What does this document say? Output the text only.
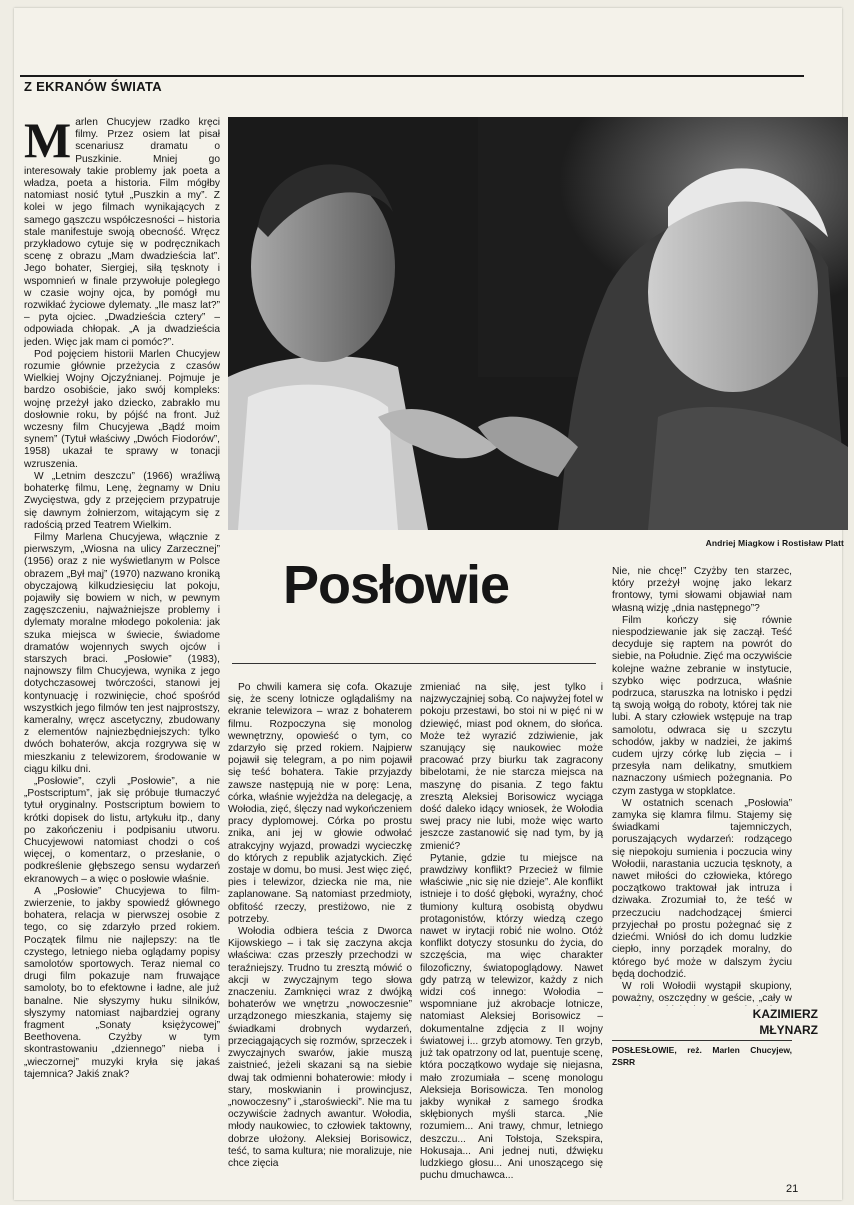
Z EKRANÓW ŚWIATA
Andriej Miagkow i Rostisław Platt
Posłowie

Marlen Chucyjew rzadko kręci filmy. Przez osiem lat pisał scenariusz dramatu o Puszkinie. Mniej go interesowały takie problemy jak poeta a władza, poeta a historia. Film mógłby natomiast nosić tytuł „Puszkin a my”. Z kolei w jego filmach wynikających z samego gąszczu współczesności – historia stale manifestuje swoją obecność. Wręcz przykładowo cytuje się w podręcznikach scenę z obrazu „Mam dwadzieścia lat”. Jego bohater, Siergiej, siłą tęsknoty i wspomnień w finale przywołuje poległego w czasie wojny ojca, by pomógł mu rozwikłać życiowe dylematy. „Ile masz lat?” – pyta ojciec. „Dwadzieścia cztery” – odpowiada chłopak. „A ja dwadzieścia jeden. Więc jak mam ci pomóc?”.

Pod pojęciem historii Marlen Chucyjew rozumie głównie przeżycia z czasów Wielkiej Wojny Ojczyźnianej. Pojmuje je bardzo osobiście, jako swój kompleks: wojnę przeżył jako dziecko, zabrakło mu dosłownie roku, by pójść na front. Już wczesny film Chucyjewa „Bądź moim synem” (Tytuł właściwy „Dwóch Fiodorów”, 1958) ukazał te sprawy w tonacji wzruszenia.

W „Letnim deszczu” (1966) wraźliwą bohaterkę filmu, Lenę, żegnamy w Dniu Zwycięstwa, gdy z przejęciem przypatruje się dawnym żołnierzom, witającym się z radością przed Teatrem Wielkim.

Filmy Marlena Chucyjewa, włącznie z pierwszym, „Wiosna na ulicy Zarzecznej” (1956) oraz z nie wyświetlanym w Polsce obrazem „Był maj” (1970) nazwano kroniką obyczajową kilkudziesięciu lat pokoju, pojawiły się bowiem w nich, w pewnym zagęszczeniu, najważniejsze problemy i dylematy moralne młodego pokolenia: jak szuka miejsca w świecie, świadome dramatów wojennych swych ojców i starszych braci. „Posłowie” (1983), najnowszy film Chucyjewa, wynika z jego dotychczasowej twórczości, stanowi jej kontynuację i rozwinięcie, choć spośród wszystkich jego filmów ten jest najprostszy, kameralny, wręcz ascetyczny, zbudowany z elementów najniezbędniejszych: tylko dwóch bohaterów, akcja rozgrywa się w mieszkaniu z telewizorem, środowanie w ciągu kilku dni.

„Posłowie”, czyli „Posłowie”, a nie „Postscriptum”, jak się próbuje tłumaczyć tytuł oryginalny. Postscriptum bowiem to krótki dopisek do listu, artykułu itp., dany po zakończeniu i podpisaniu utworu. Chucyjewowi natomiast chodzi o coś więcej, o komentarz, o przesłanie, o podkreślenie głębszego sensu wydarzeń ekranowych – a więc o posłowie właśnie.

A „Posłowie” Chucyjewa to film-zwierzenie, to jakby spowiedź głównego bohatera, relacja w pierwszej osobie z tego, co się zdarzyło przed rokiem. Początek filmu nie najlepszy: na tle czystego, letniego nieba oglądamy popisy samolotów sportowych. Teraz niemal co drugi film pokazuje nam fruwające samoloty, bo to efektowne i ładne, ale już banalne. Nie słyszymy huku silników, słyszymy natomiast najbardziej ograny fragment „Sonaty księżycowej” Beethovena. Czyżby w tym skontrastowaniu „dziennego” nieba i „wieczornej” muzyki kryła się jakaś tajemnica? Jakiś znak?

Po chwili kamera się cofa. Okazuje się, że sceny lotnicze oglądaliśmy na ekranie telewizora – wraz z bohaterem filmu. Rozpoczyna się monolog wewnętrzny, opowieść o tym, co zdarzyło się przed rokiem. Najpierw pojawił się telegram, a po nim pojawił się teść bohatera. Takie przyjazdy zawsze następują nie w porę: Lena, córka, właśnie wyjeżdża na delegację, a Wołodia, zięć, ślęczy nad wykończeniem pracy dyplomowej. Córka po prostu znika, ani jej w głowie odwołać atrakcyjny wyjazd, prowadzi wycieczkę do których z republik azjatyckich. Zięć zostaje w domu, bo musi. Jest więc zięć, pies i telewizor, dziecka nie ma, nie zaplanowane. Są natomiast przedmioty, obfitość rzeczy, prestiżowo, nie z potrzeby.

Wołodia odbiera teścia z Dworca Kijowskiego – i tak się zaczyna akcja właściwa: czas przeszły przechodzi w teraźniejszy. Trudno tu zresztą mówić o akcji w zwyczajnym tego słowa znaczeniu. Zamknięci wraz z dwójką bohaterów we wnętrzu „nowoczesnie” urządzonego mieszkania, stajemy się świadkami drobnych wydarzeń, przeciągających się rozmów, sprzeczek i zwyczajnych swarów, jakie muszą zaistnieć, jeżeli skazani są na siebie dwaj tak odmienni bohaterowie: młody i stary, moskwianin i prowincjusz, „nowoczesny” i „staroświecki”. Nie ma tu oczywiście żadnych awantur. Wołodia, młody naukowiec, to człowiek taktowny, dobrze ułożony. Aleksiej Borisowicz, teść, to sama kultura; nie moralizuje, nie chce zięcia

zmieniać na siłę, jest tylko i najzwyczajniej sobą. Co najwyżej fotel w pokoju przestawi, bo stoi ni w pięć ni w dziewięć, miast pod oknem, do słońca. Może też wyrazić zdziwienie, jak szanujący się naukowiec może pracować przy biurku tak zagracony bibelotami, że nie starcza miejsca na maszynę do pisania. Z tego faktu zresztą Aleksiej Borisowicz wyciąga dość daleko idący wniosek, że Wołodia swej pracy nie lubi, może więc warto jeszcze zastanowić się nad tym, by ją zmienić?

Pytanie, gdzie tu miejsce na prawdziwy konflikt? Przecież w filmie właściwie „nic się nie dzieje”. Ale konflikt istnieje i to dość głęboki, wyraźny, choć tłumiony kulturą osobistą obydwu protagonistów, którzy wiedzą czego nawet w irytacji robić nie wolno. Otóż konflikt dotyczy stosunku do życia, do szczęścia, ma więc charakter filozoficzny, światopoglądowy. Nawet gdy patrzą w telewizor, każdy z nich widzi coś innego: Wołodia – wspomniane już akrobacje lotnicze, natomiast Aleksiej Borisowicz – dokumentalne zdjęcia z II wojny światowej i... grzyb atomowy. Ten grzyb, już tak opatrzony od lat, puentuje scenę, która początkowo wydaje się niejasna, mało zrozumiała – scenę monologu Aleksieja Borisowicza. Ten monolog jakby wynikał z samego środka skłębionych myśli starca. „Nie rozumiem... Ani trawy, chmur, letniego deszczu... Ani Tołstoja, Szekspira, Hokusaja... Ani jednej nuti, dźwięku ludzkiego głosu... Ani unoszącego się puchu dmuchawca...

Nie, nie chcę!” Czyżby ten starzec, który przeżył wojnę jako lekarz frontowy, tymi słowami objawiał nam własną wizję „dnia następnego”?

Film kończy się równie niespodziewanie jak się zaczął. Teść decyduje się raptem na powrót do siebie, na Południe. Zięć ma oczywiście kolejne ważne zebranie w instytucie, szybko więc podrzuca, właśnie podrzuca, staruszka na lotnisko i pędzi tą swoją wołgą do roboty, której tak nie lubi. A stary człowiek wstępuje na trap samolotu, odwraca się u szczytu schodów, jakby w nadziei, że jakimś cudem ujrzy córkę lub zięcia – i przesyła nam delikatny, smutkiem naznaczony uśmiech pożegnania. Po czym zastyga w stopklatce.

W ostatnich scenach „Posłowia” zamyka się klamra filmu. Stajemy się świadkami tajemniczych, poruszających wydarzeń: rodzącego się niepokoju sumienia i poczucia winy Wołodii, narastania uczucia tęsknoty, a nawet miłości do człowieka, którego początkowo traktował jak intruza i dziwaka. Zrozumiał to, że teść w przeczuciu nadchodzącej śmierci przyjechał po prostu pożegnać się z dziećmi. Wniósł do ich domu ludzkie ciepło, inny porządek moralny, do którego być może w dalszym życiu będą dochodzić.

W roli Wołodii wystąpił skupiony, poważny, oszczędny w geście, „cały w

KAZIMIERZ
MŁYNARZ
POSŁESŁOWIE, reż. Marlen Chucyjew, ZSRR
21
